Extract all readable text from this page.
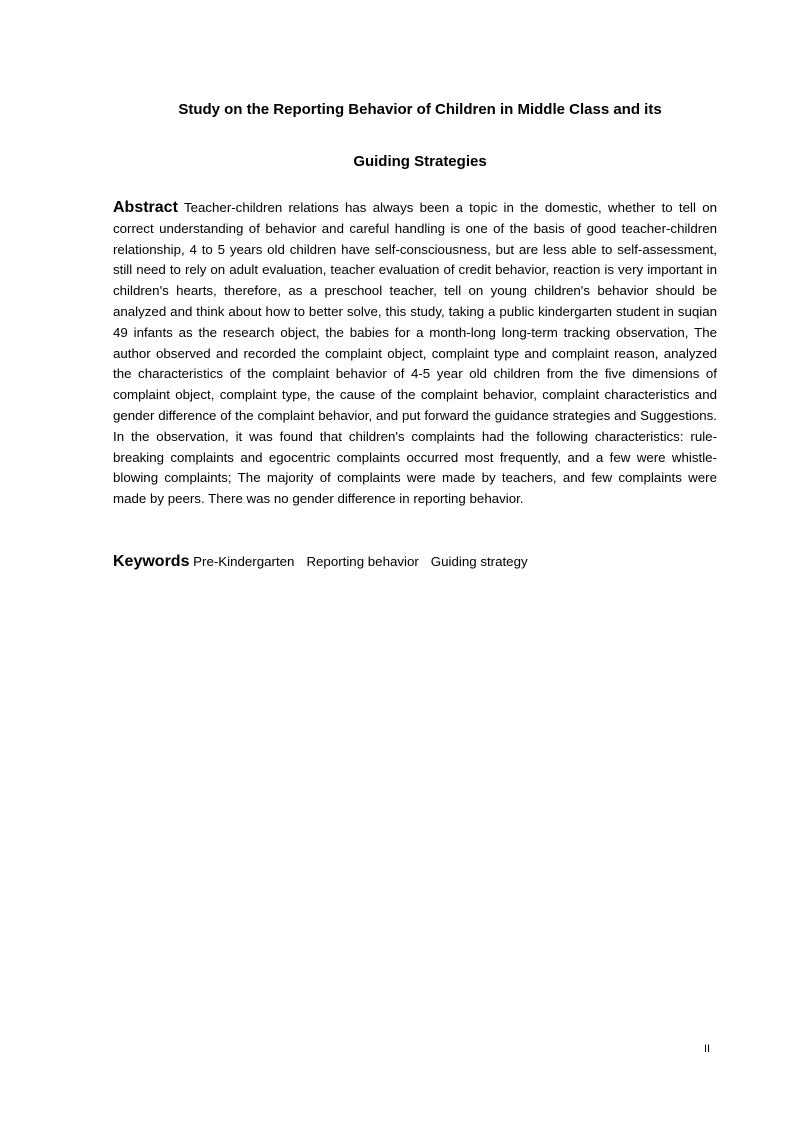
Study on the Reporting Behavior of Children in Middle Class and its
Guiding Strategies

Abstract Teacher-children relations has always been a topic in the domestic, whether to tell on correct understanding of behavior and careful handling is one of the basis of good teacher-children relationship, 4 to 5 years old children have self-consciousness, but are less able to self-assessment, still need to rely on adult evaluation, teacher evaluation of credit behavior, reaction is very important in children's hearts, therefore, as a preschool teacher, tell on young children's behavior should be analyzed and think about how to better solve, this study, taking a public kindergarten student in suqian 49 infants as the research object, the babies for a month-long long-term tracking observation, The author observed and recorded the complaint object, complaint type and complaint reason, analyzed the characteristics of the complaint behavior of 4-5 year old children from the five dimensions of complaint object, complaint type, the cause of the complaint behavior, complaint characteristics and gender difference of the complaint behavior, and put forward the guidance strategies and Suggestions. In the observation, it was found that children's complaints had the following characteristics: rule-breaking complaints and egocentric complaints occurred most frequently, and a few were whistle-blowing complaints; The majority of complaints were made by teachers, and few complaints were made by peers. There was no gender difference in reporting behavior.

Keywords Pre-Kindergarten Reporting behavior Guiding strategy

II
